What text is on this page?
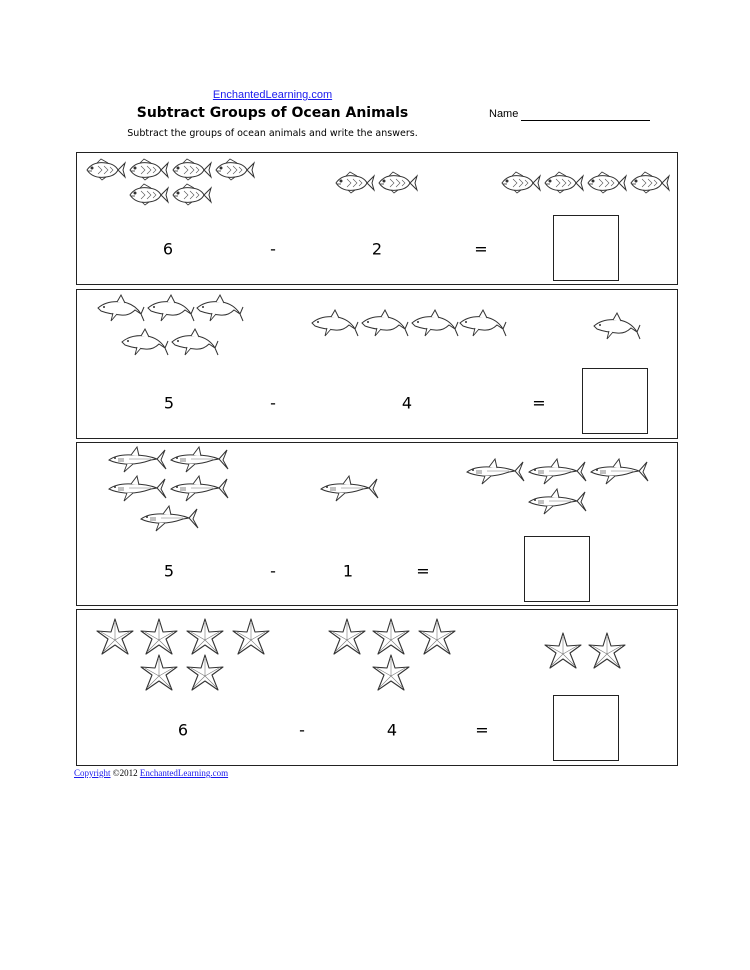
EnchantedLearning.com
Subtract Groups of Ocean Animals	Name
Subtract the groups of ocean animals and write the answers.
6	-	2	=
5	-	4	=
5	-	1	=
6	-	4	=
Copyright ©2012 EnchantedLearning.com
